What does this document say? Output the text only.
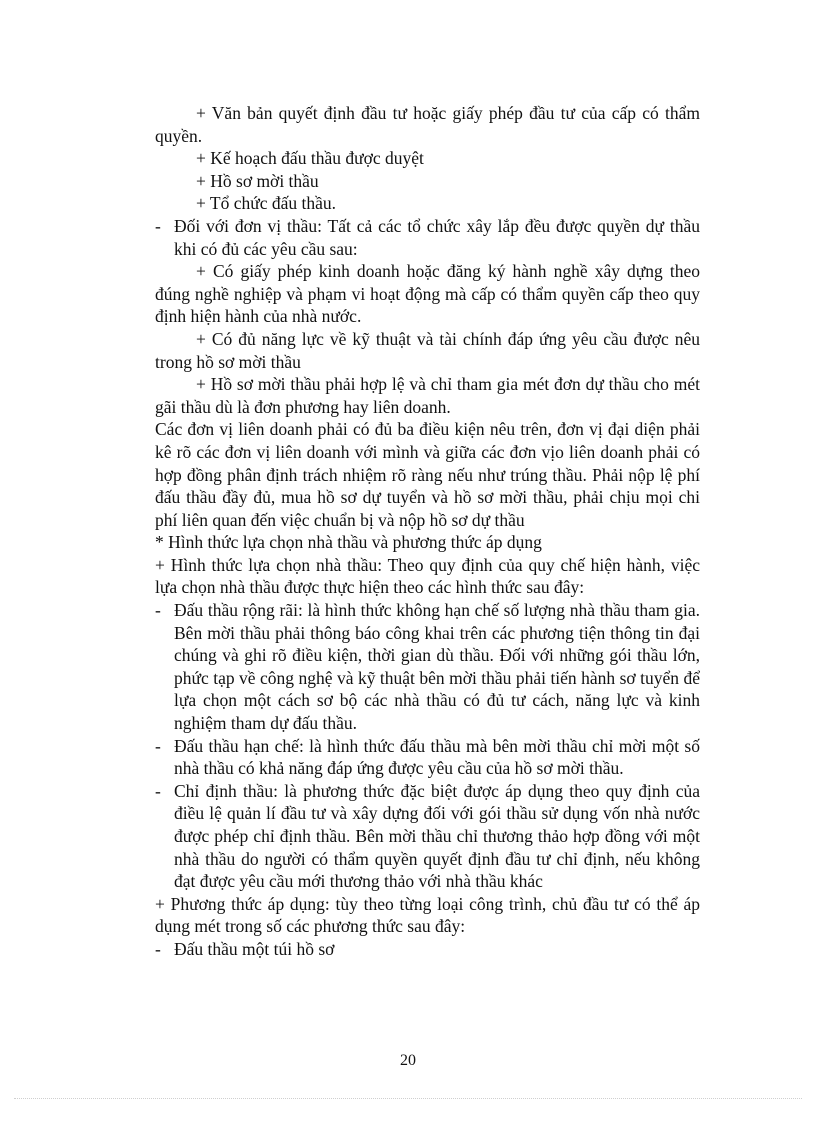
+ Văn bản quyết định đầu tư hoặc giấy phép đầu tư của cấp có thẩm quyền.

+ Kế hoạch đấu thầu được duyệt

+ Hồ sơ mời thầu

+ Tổ chức đấu thầu.

- Đối với đơn vị thầu: Tất cả các tổ chức xây lắp đều được quyền dự thầu khi có đủ các yêu cầu sau:

+ Có giấy phép kinh doanh hoặc đăng ký hành nghề xây dựng theo đúng nghề nghiệp và phạm vi hoạt động mà cấp có thẩm quyền cấp theo quy định hiện hành của nhà nước.

+ Có đủ năng lực về kỹ thuật và tài chính đáp ứng yêu cầu được nêu trong hồ sơ mời thầu

+ Hồ sơ mời thầu phải hợp lệ và chỉ tham gia mét đơn dự thầu cho mét gãi thầu dù là đơn phương hay liên doanh.

Các đơn vị liên doanh phải có đủ ba điều kiện nêu trên, đơn vị đại diện phải kê rõ các đơn vị liên doanh với mình và giữa các đơn vịo liên doanh phải có hợp đồng phân định trách nhiệm rõ ràng nếu như trúng thầu. Phải nộp lệ phí đấu thầu đầy đủ, mua hồ sơ dự tuyển và hồ sơ mời thầu, phải chịu mọi chi phí liên quan đến việc chuẩn bị và nộp hồ sơ dự thầu

* Hình thức lựa chọn nhà thầu và phương thức áp dụng

+ Hình thức lựa chọn nhà thầu: Theo quy định của quy chế hiện hành, việc lựa chọn nhà thầu được thực hiện theo các hình thức sau đây:

- Đấu thầu rộng rãi: là hình thức không hạn chế số lượng nhà thầu tham gia. Bên mời thầu phải thông báo công khai trên các phương tiện thông tin đại chúng và ghi rõ điều kiện, thời gian dù thầu. Đối với những gói thầu lớn, phức tạp về công nghệ và kỹ thuật bên mời thầu phải tiến hành sơ tuyển để lựa chọn một cách sơ bộ các nhà thầu có đủ tư cách, năng lực và kinh nghiệm tham dự đấu thầu.
- Đấu thầu hạn chế: là hình thức đấu thầu mà bên mời thầu chỉ mời một số nhà thầu có khả năng đáp ứng được yêu cầu của hồ sơ mời thầu.
- Chỉ định thầu: là phương thức đặc biệt được áp dụng theo quy định của điều lệ quản lí đầu tư và xây dựng đối với gói thầu sử dụng vốn nhà nước được phép chỉ định thầu. Bên mời thầu chỉ thương thảo hợp đồng với một nhà thầu do người có thẩm quyền quyết định đầu tư chỉ định, nếu không đạt được yêu cầu mới thương thảo với nhà thầu khác

+ Phương thức áp dụng: tùy theo từng loại công trình, chủ đầu tư có thể áp dụng mét trong số các phương thức sau đây:

- Đấu thầu một túi hồ sơ
20
